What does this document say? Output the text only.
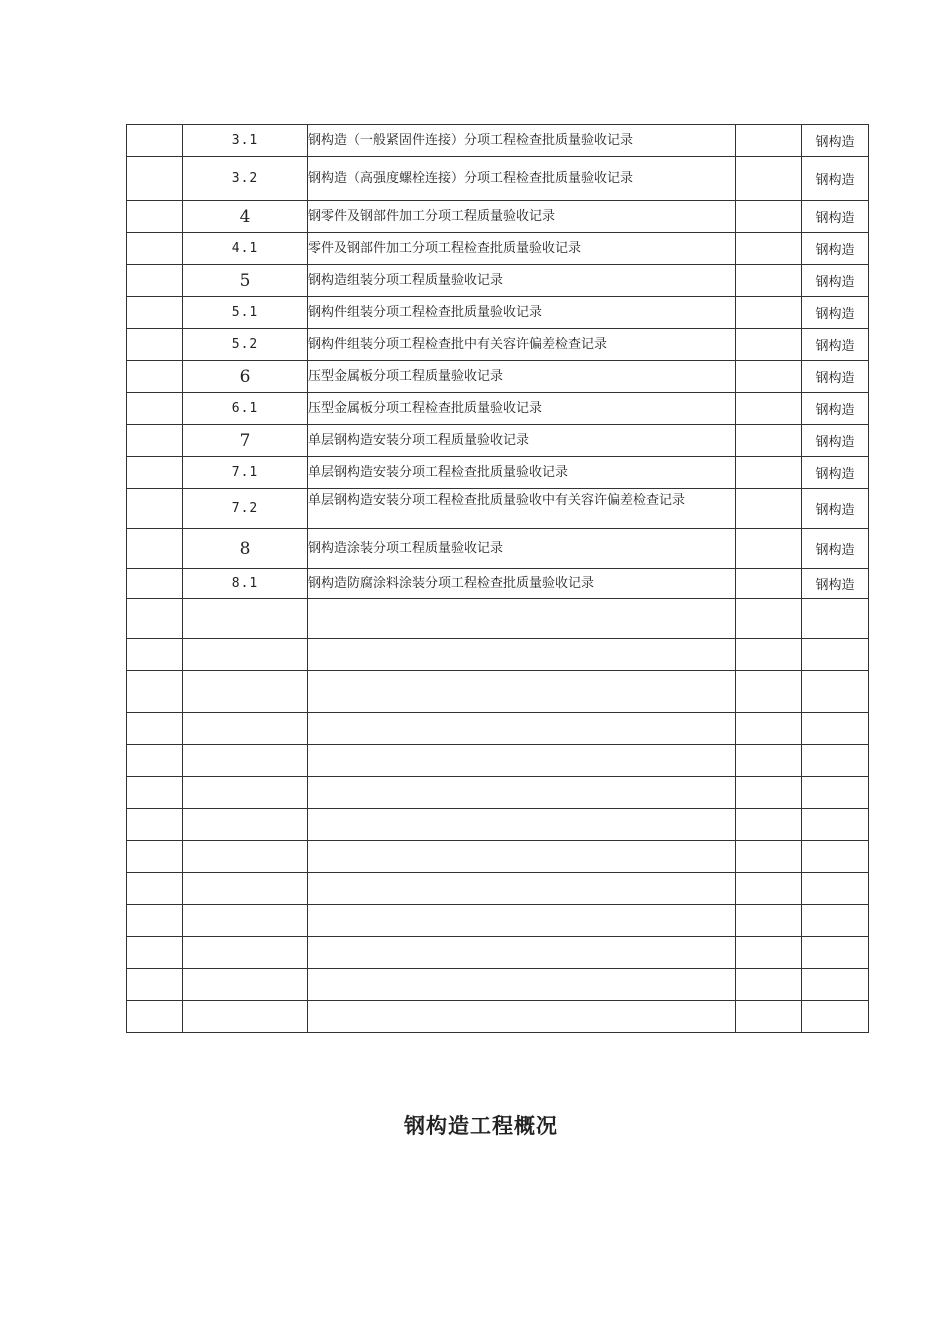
	3.1	钢构造（一般紧固件连接）分项工程检查批质量验收记录		钢构造
	3.2	钢构造（高强度螺栓连接）分项工程检查批质量验收记录		钢构造
	4	钢零件及钢部件加工分项工程质量验收记录		钢构造
	4.1	零件及钢部件加工分项工程检查批质量验收记录		钢构造
	5	钢构造组装分项工程质量验收记录		钢构造
	5.1	钢构件组装分项工程检查批质量验收记录		钢构造
	5.2	钢构件组装分项工程检查批中有关容许偏差检查记录		钢构造
	6	压型金属板分项工程质量验收记录		钢构造
	6.1	压型金属板分项工程检查批质量验收记录		钢构造
	7	单层钢构造安装分项工程质量验收记录		钢构造
	7.1	单层钢构造安装分项工程检查批质量验收记录		钢构造
	7.2	单层钢构造安装分项工程检查批质量验收中有关容许偏差检查记录		钢构造
	8	钢构造涂装分项工程质量验收记录		钢构造
	8.1	钢构造防腐涂料涂装分项工程检查批质量验收记录		钢构造

钢构造工程概况
